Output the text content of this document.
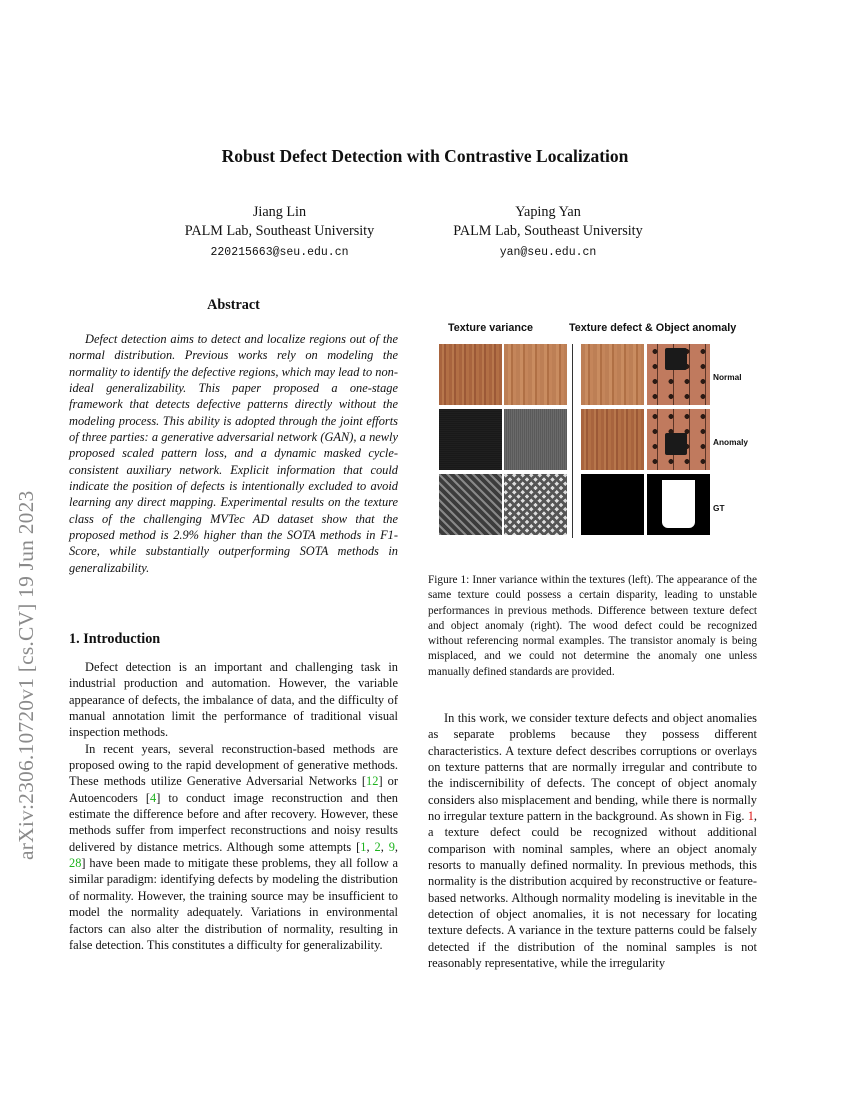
arXiv:2306.10720v1 [cs.CV] 19 Jun 2023
Robust Defect Detection with Contrastive Localization
Jiang Lin
PALM Lab, Southeast University
220215663@seu.edu.cn
Yaping Yan
PALM Lab, Southeast University
yan@seu.edu.cn
Abstract

Defect detection aims to detect and localize regions out of the normal distribution. Previous works rely on modeling the normality to identify the defective regions, which may lead to non-ideal generalizability. This paper proposed a one-stage framework that detects defective patterns directly without the modeling process. This ability is adopted through the joint efforts of three parties: a generative adversarial network (GAN), a newly proposed scaled pattern loss, and a dynamic masked cycle-consistent auxiliary network. Explicit information that could indicate the position of defects is intentionally excluded to avoid learning any direct mapping. Experimental results on the texture class of the challenging MVTec AD dataset show that the proposed method is 2.9% higher than the SOTA methods in F1-Score, while substantially outperforming SOTA methods in generalizability.

1. Introduction

Defect detection is an important and challenging task in industrial production and automation. However, the variable appearance of defects, the imbalance of data, and the difficulty of manual annotation limit the performance of traditional visual inspection methods.

In recent years, several reconstruction-based methods are proposed owing to the rapid development of generative methods. These methods utilize Generative Adversarial Networks [12] or Autoencoders [4] to conduct image reconstruction and then estimate the difference before and after recovery. However, these methods suffer from imperfect reconstructions and noisy results delivered by distance metrics. Although some attempts [1, 2, 9, 28] have been made to mitigate these problems, they all follow a similar paradigm: identifying defects by modeling the distribution of normality. However, the training source may be insufficient to model the normality adequately. Variations in environmental factors can also alter the distribution of normality, resulting in false detection. This constitutes a difficulty for generalizability.

Texture variance	Texture defect & Object anomaly
Normal
Anomaly
GT
Figure 1: Inner variance within the textures (left). The appearance of the same texture could possess a certain disparity, leading to unstable performances in previous methods. Difference between texture defect and object anomaly (right). The wood defect could be recognized without referencing normal examples. The transistor anomaly is being misplaced, and we could not determine the anomaly one unless manually defined standards are provided.

In this work, we consider texture defects and object anomalies as separate problems because they possess different characteristics. A texture defect describes corruptions or overlays on texture patterns that are normally irregular and contribute to the indiscernibility of defects. The concept of object anomaly considers also misplacement and bending, while there is normally no irregular texture pattern in the background. As shown in Fig. 1, a texture defect could be recognized without additional comparison with nominal samples, where an object anomaly resorts to manually defined normality. In previous methods, this normality is the distribution acquired by reconstructive or feature-based networks. Although normality modeling is inevitable in the detection of object anomalies, it is not necessary for locating texture defects. A variance in the texture patterns could be falsely detected if the distribution of the nominal samples is not reasonably representative, while the irregularity
